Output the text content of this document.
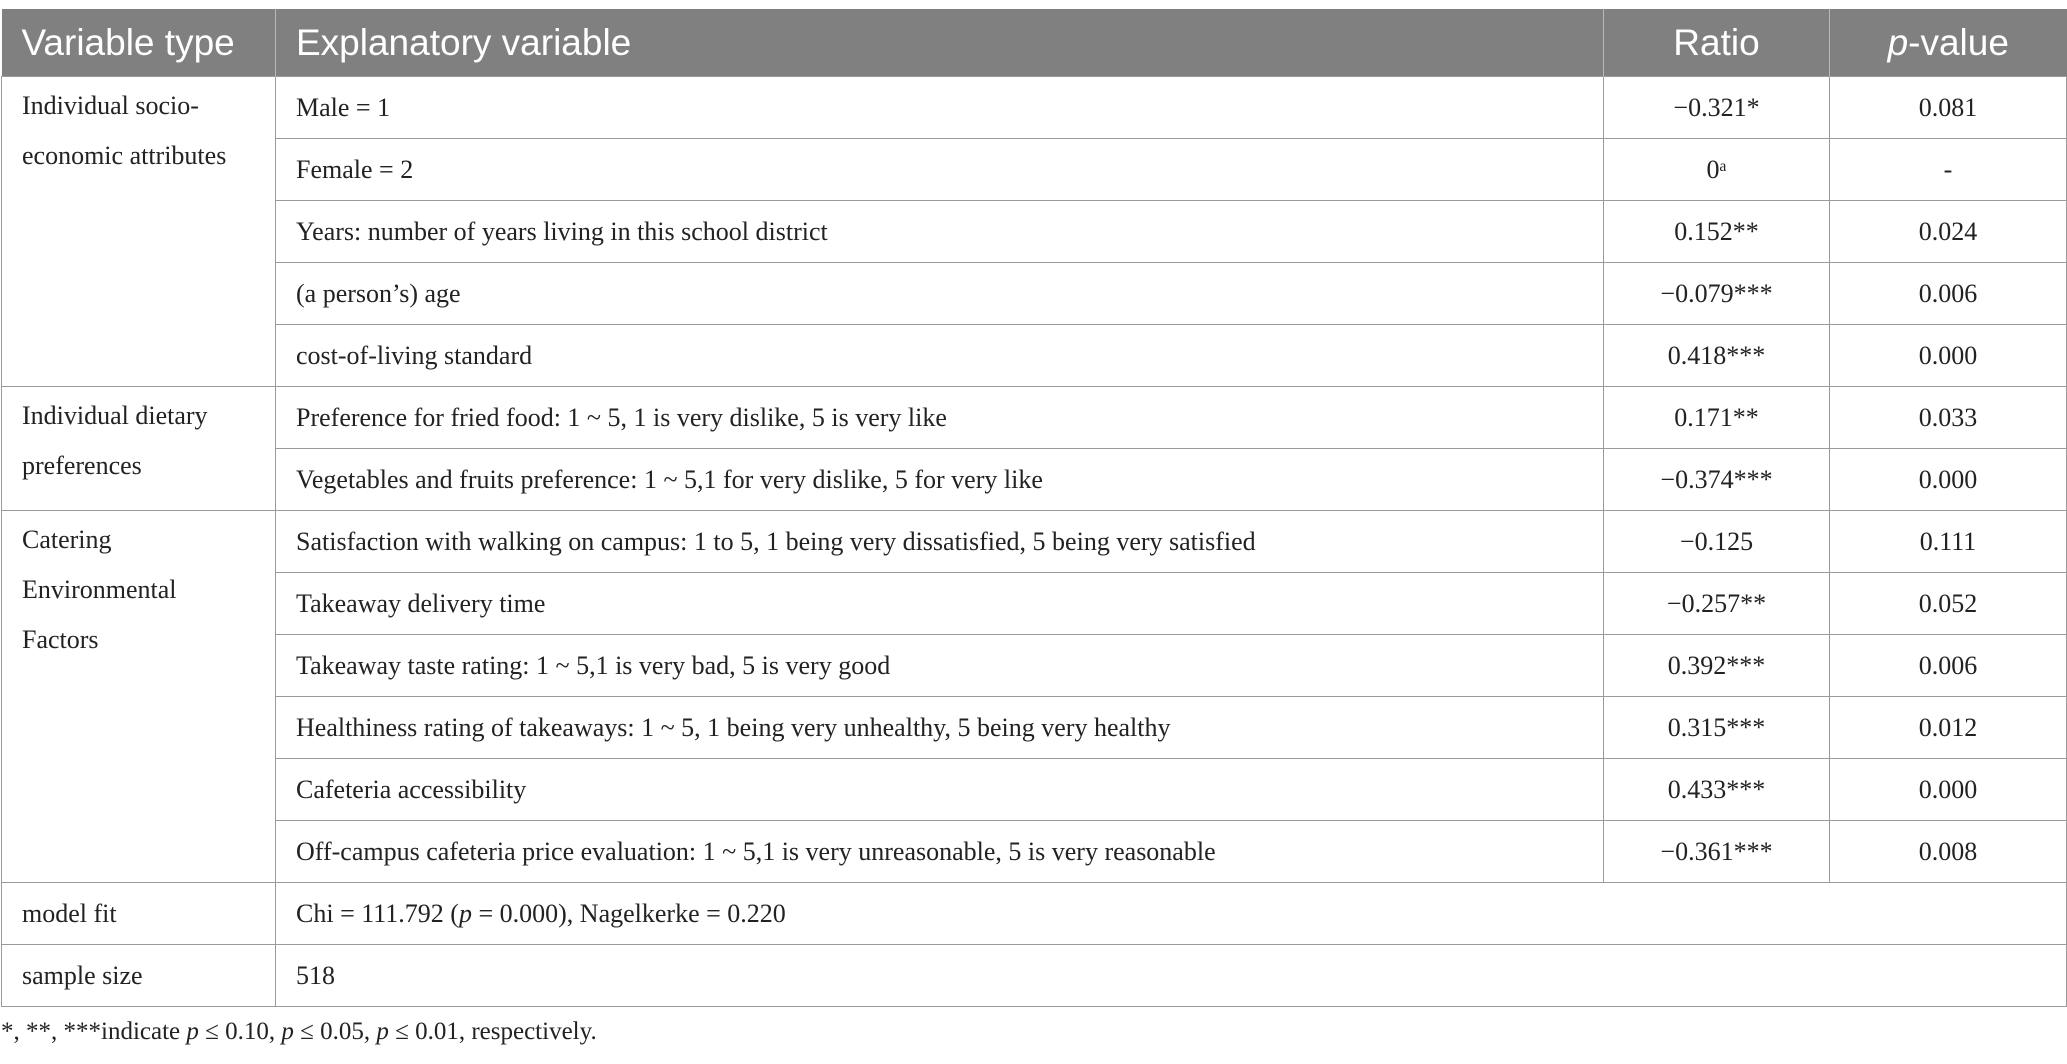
Variable type	Explanatory variable	Ratio	p-value
Individual socio-economic attributes	Male = 1	−0.321*	0.081
	Female = 2	0ᵃ	-
	Years: number of years living in this school district	0.152**	0.024
	(a person’s) age	−0.079***	0.006
	cost-of-living standard	0.418***	0.000
Individual dietary preferences	Preference for fried food: 1 ~ 5, 1 is very dislike, 5 is very like	0.171**	0.033
	Vegetables and fruits preference: 1 ~ 5,1 for very dislike, 5 for very like	−0.374***	0.000
Catering Environmental Factors	Satisfaction with walking on campus: 1 to 5, 1 being very dissatisfied, 5 being very satisfied	−0.125	0.111
	Takeaway delivery time	−0.257**	0.052
	Takeaway taste rating: 1 ~ 5,1 is very bad, 5 is very good	0.392***	0.006
	Healthiness rating of takeaways: 1 ~ 5, 1 being very unhealthy, 5 being very healthy	0.315***	0.012
	Cafeteria accessibility	0.433***	0.000
	Off-campus cafeteria price evaluation: 1 ~ 5,1 is very unreasonable, 5 is very reasonable	−0.361***	0.008
model fit	Chi = 111.792 (p = 0.000), Nagelkerke = 0.220		
sample size	518		
*, **, ***indicate p ≤ 0.10, p ≤ 0.05, p ≤ 0.01, respectively.
